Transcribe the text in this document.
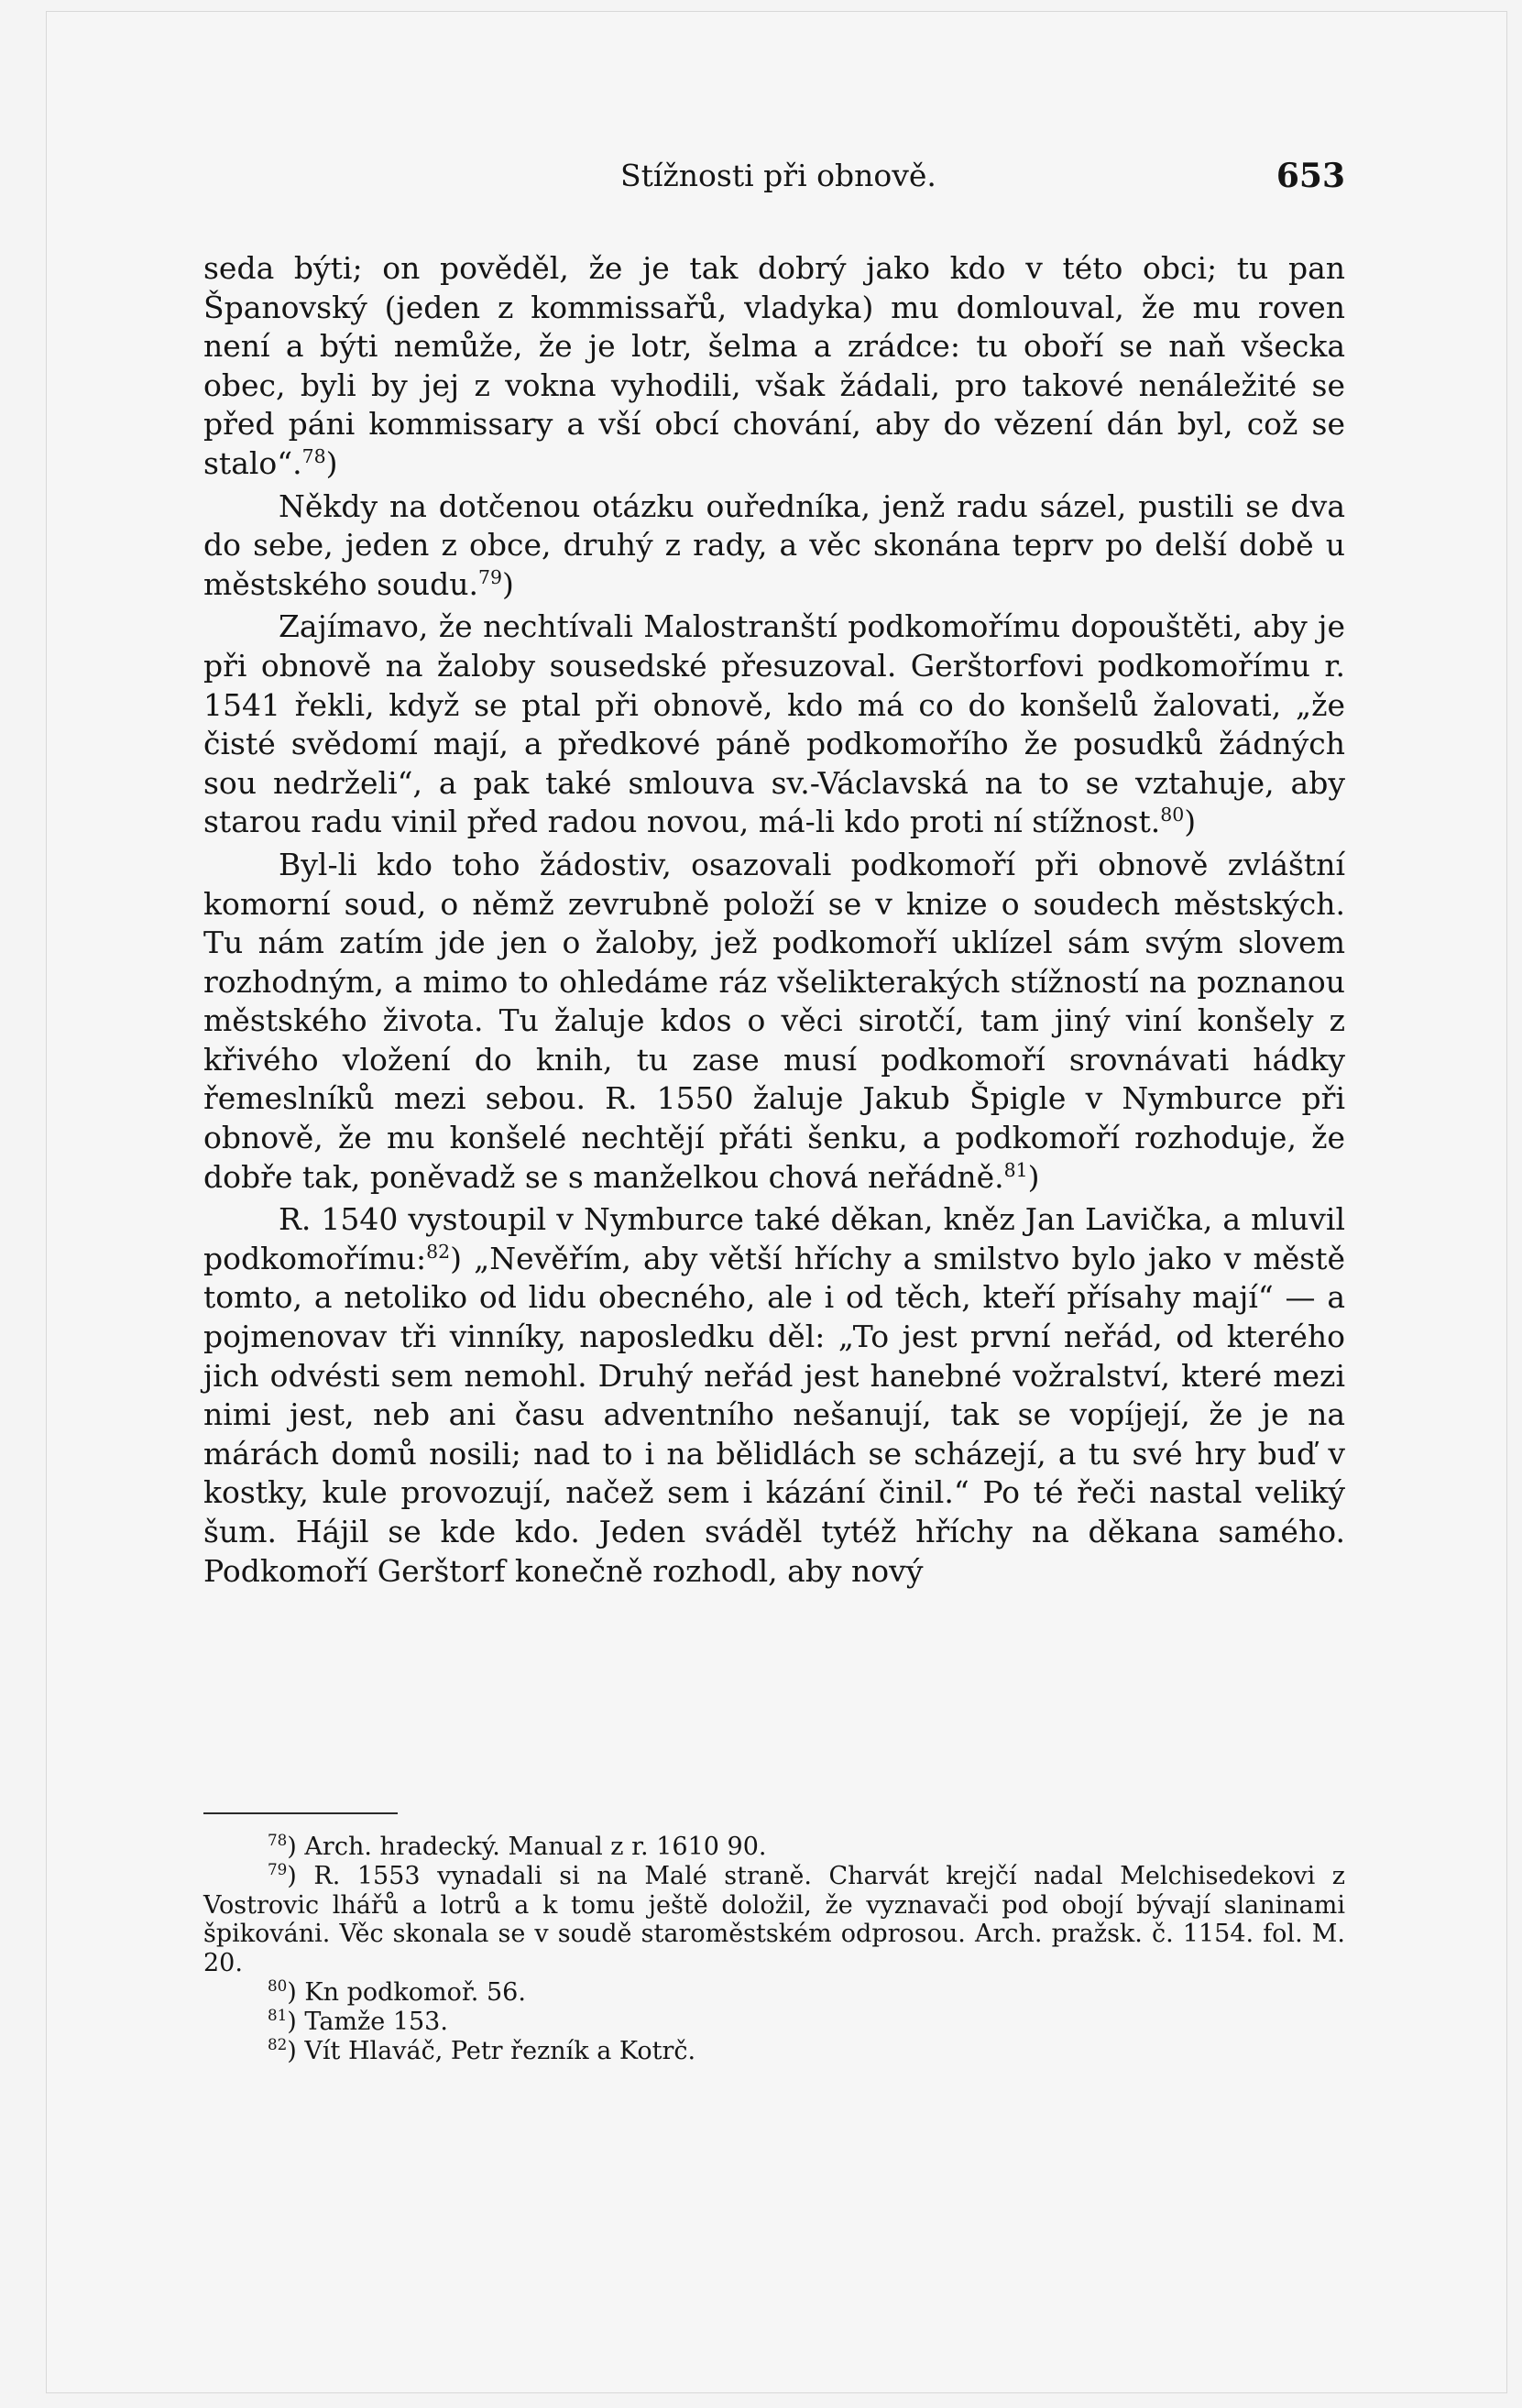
Stížnosti při obnově.	653

seda býti; on pověděl, že je tak dobrý jako kdo v této obci; tu pan Španovský (jeden z kommissařů, vladyka) mu domlouval, že mu roven není a býti nemůže, že je lotr, šelma a zrádce: tu oboří se naň všecka obec, byli by jej z vokna vyhodili, však žádali, pro takové nenáležité se před páni kommissary a vší obcí chování, aby do vězení dán byl, což se stalo“.$^{78}$)

Někdy na dotčenou otázku ouředníka, jenž radu sázel, pustili se dva do sebe, jeden z obce, druhý z rady, a věc skonána teprv po delší době u městského soudu.$^{79}$)

Zajímavo, že nechtívali Malostranští podkomořímu dopouštěti, aby je při obnově na žaloby sousedské přesuzoval. Gerštorfovi podkomořímu r. 1541 řekli, když se ptal při obnově, kdo má co do konšelů žalovati, „že čisté svědomí mají, a předkové páně podkomořího že posudků žádných sou nedrželi“, a pak také smlouva sv.-Václavská na to se vztahuje, aby starou radu vinil před radou novou, má-li kdo proti ní stížnost.$^{80}$)

Byl-li kdo toho žádostiv, osazovali podkomoří při obnově zvláštní komorní soud, o němž zevrubně položí se v knize o soudech městských. Tu nám zatím jde jen o žaloby, jež podkomoří uklízel sám svým slovem rozhodným, a mimo to ohledáme ráz všelikterakých stížností na poznanou městského života. Tu žaluje kdos o věci sirotčí, tam jiný viní konšely z křivého vložení do knih, tu zase musí podkomoří srovnávati hádky řemeslníků mezi sebou. R. 1550 žaluje Jakub Špigle v Nymburce při obnově, že mu konšelé nechtějí přáti šenku, a podkomoří rozhoduje, že dobře tak, poněvadž se s manželkou chová neřádně.$^{81}$)

R. 1540 vystoupil v Nymburce také děkan, kněz Jan Lavička, a mluvil podkomořímu:$^{82}$) „Nevěřím, aby větší hříchy a smilstvo bylo jako v městě tomto, a netoliko od lidu obecného, ale i od těch, kteří přísahy mají“ — a pojmenovav tři vinníky, naposledku děl: „To jest první neřád, od kterého jich odvésti sem nemohl. Druhý neřád jest hanebné vožralství, které mezi nimi jest, neb ani času adventního nešanují, tak se vopíjejí, že je na márách domů nosili; nad to i na bělidlách se scházejí, a tu své hry buď v kostky, kule provozují, načež sem i kázání činil.“ Po té řeči nastal veliký šum. Hájil se kde kdo. Jeden sváděl tytéž hříchy na děkana samého. Podkomoří Gerštorf konečně rozhodl, aby nový

$^{78}$) Arch. hradecký. Manual z r. 1610 90.

$^{79}$) R. 1553 vynadali si na Malé straně. Charvát krejčí nadal Melchisedekovi z Vostrovic lhářů a lotrů a k tomu ještě doložil, že vyznavači pod obojí bývají slaninami špikováni. Věc skonala se v soudě staroměstském odprosou. Arch. pražsk. č. 1154. fol. M. 20.

$^{80}$) Kn podkomoř. 56.

$^{81}$) Tamže 153.

$^{82}$) Vít Hlaváč, Petr řezník a Kotrč.
